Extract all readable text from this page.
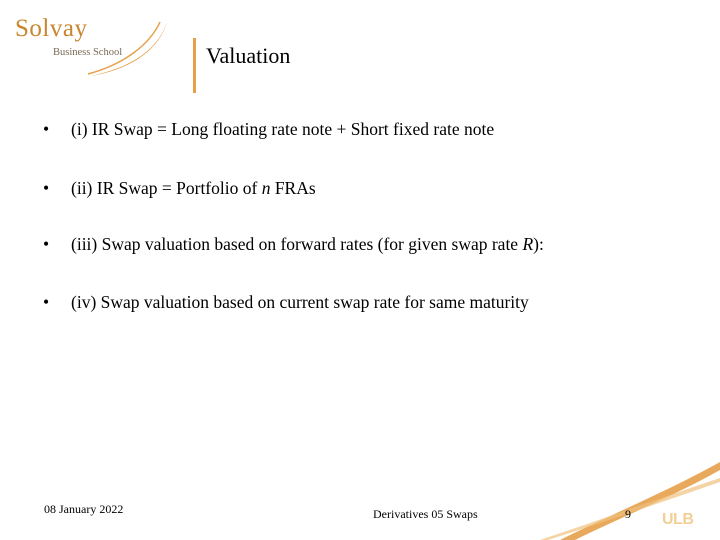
Solvay
Business School	Valuation
• (i) IR Swap = Long floating rate note + Short fixed rate note
• (ii) IR Swap = Portfolio of n FRAs
• (iii) Swap valuation based on forward rates (for given swap rate R):
• (iv) Swap valuation based on current swap rate for same maturity
08 January 2022	Derivatives 05 Swaps	9 ULB
